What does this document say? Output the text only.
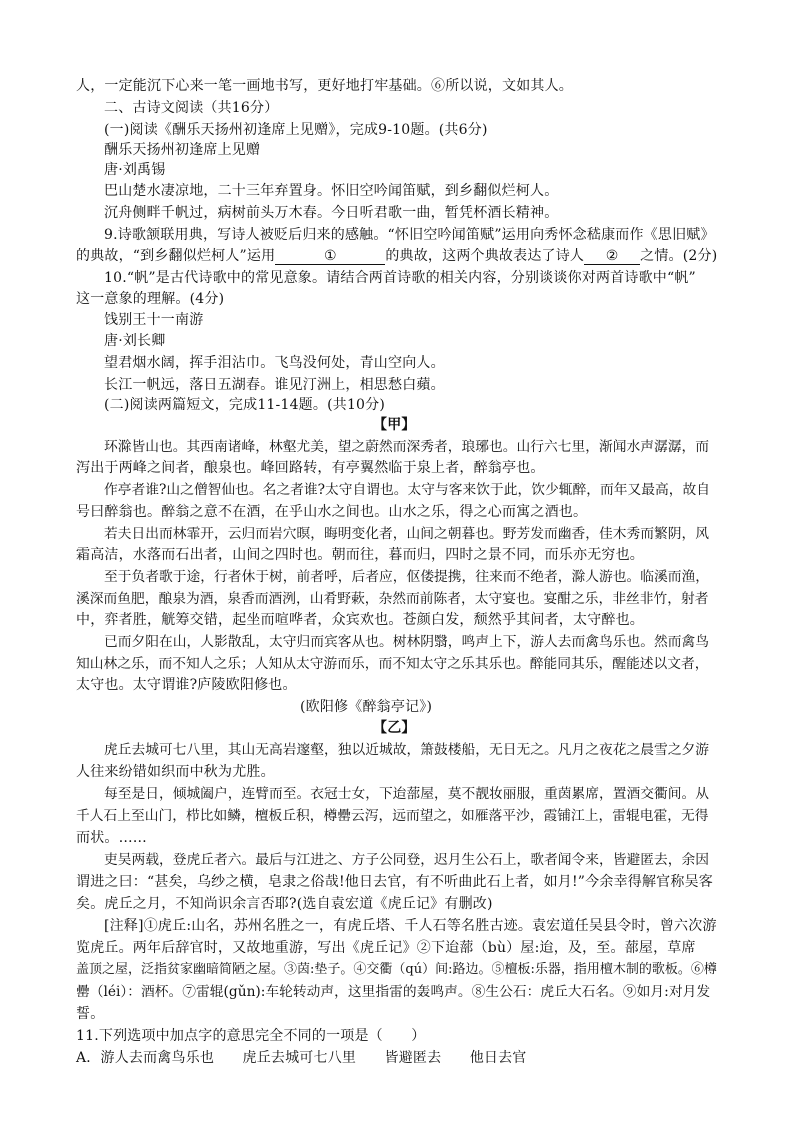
人，一定能沉下心来一笔一画地书写，更好地打牢基础。⑥所以说，文如其人。
二、古诗文阅读（共16分）
(一)阅读《酬乐天扬州初逢席上见赠》，完成9-10题。(共6分)
酬乐天扬州初逢席上见赠
唐·刘禹锡
巴山楚水凄凉地，二十三年弃置身。怀旧空吟闻笛赋，到乡翻似烂柯人。
沉舟侧畔千帆过，病树前头万木春。今日听君歌一曲，暂凭杯酒长精神。
9.诗歌颔联用典，写诗人被贬后归来的感触。“怀旧空吟闻笛赋”运用向秀怀念嵇康而作《思旧赋》
的典故，“到乡翻似烂柯人”运用	①	的典故，这两个典故表达了诗人 ② 之情。(2分)
10.“帆”是古代诗歌中的常见意象。请结合两首诗歌的相关内容，分别谈谈你对两首诗歌中“帆”
这一意象的理解。(4分)
饯别王十一南游
唐·刘长卿
望君烟水阔，挥手泪沾巾。飞鸟没何处，青山空向人。
长江一帆远，落日五湖春。谁见汀洲上，相思愁白蘋。
(二)阅读两篇短文，完成11-14题。(共10分)
【甲】
环滁皆山也。其西南诸峰，林壑尤美，望之蔚然而深秀者，琅琊也。山行六七里，渐闻水声潺潺，而
泻出于两峰之间者，酿泉也。峰回路转，有亭翼然临于泉上者，醉翁亭也。
作亭者谁?山之僧智仙也。名之者谁?太守自谓也。太守与客来饮于此，饮少辄醉，而年又最高，故自
号曰醉翁也。醉翁之意不在酒，在乎山水之间也。山水之乐，得之心而寓之酒也。
若夫日出而林霏开，云归而岩穴暝，晦明变化者，山间之朝暮也。野芳发而幽香，佳木秀而繁阴，风
霜高洁，水落而石出者，山间之四时也。朝而往，暮而归，四时之景不同，而乐亦无穷也。
至于负者歌于途，行者休于树，前者呼，后者应，伛偻提携，往来而不绝者，滁人游也。临溪而渔，
溪深而鱼肥，酿泉为酒，泉香而酒洌，山肴野蔌，杂然而前陈者，太守宴也。宴酣之乐，非丝非竹，射者
中，弈者胜，觥筹交错，起坐而喧哗者，众宾欢也。苍颜白发，颓然乎其间者，太守醉也。
已而夕阳在山，人影散乱，太守归而宾客从也。树林阴翳，鸣声上下，游人去而禽鸟乐也。然而禽鸟
知山林之乐，而不知人之乐；人知从太守游而乐，而不知太守之乐其乐也。醉能同其乐，醒能述以文者，
太守也。太守谓谁?庐陵欧阳修也。
(欧阳修《醉翁亭记》)
【乙】
虎丘去城可七八里，其山无高岩邃壑，独以近城故，箫鼓楼船，无日无之。凡月之夜花之晨雪之夕游
人往来纷错如织而中秋为尤胜。
每至是日，倾城阖户，连臂而至。衣冠士女，下迨蔀屋，莫不靓妆丽服，重茵累席，置酒交衢间。从
千人石上至山门，栉比如鳞，檀板丘积，樽罍云泻，远而望之，如雁落平沙，霞铺江上，雷辊电霍，无得
而状。……
吏吴两载，登虎丘者六。最后与江进之、方子公同登，迟月生公石上，歌者闻令来，皆避匿去，余因
谓进之曰：“甚矣，乌纱之横，皂隶之俗哉!他日去官，有不听曲此石上者，如月!”今余幸得解官称吴客
矣。虎丘之月，不知尚识余言否耶?(选自袁宏道《虎丘记》有删改)
[注释]①虎丘:山名，苏州名胜之一，有虎丘塔、千人石等名胜古迹。袁宏道任吴县令时，曾六次游
览虎丘。两年后辞官时，又故地重游，写出《虎丘记》②下迨蔀（bù）屋:迨，及，至。蔀屋，草席
盖顶之屋，泛指贫家幽暗简陋之屋。③茵:垫子。④交衢（qú）间:路边。⑤檀板:乐器，指用檀木制的歌板。⑥樽
罍（léi）：酒杯。⑦雷辊(gǔn):车轮转动声，这里指雷的轰鸣声。⑧生公石：虎丘大石名。⑨如月:对月发
誓。
11.下列选项中加点字的意思完全不同的一项是（　　）
A．游人去而禽鸟乐也　　虎丘去城可七八里　　皆避匿去　　他日去官
